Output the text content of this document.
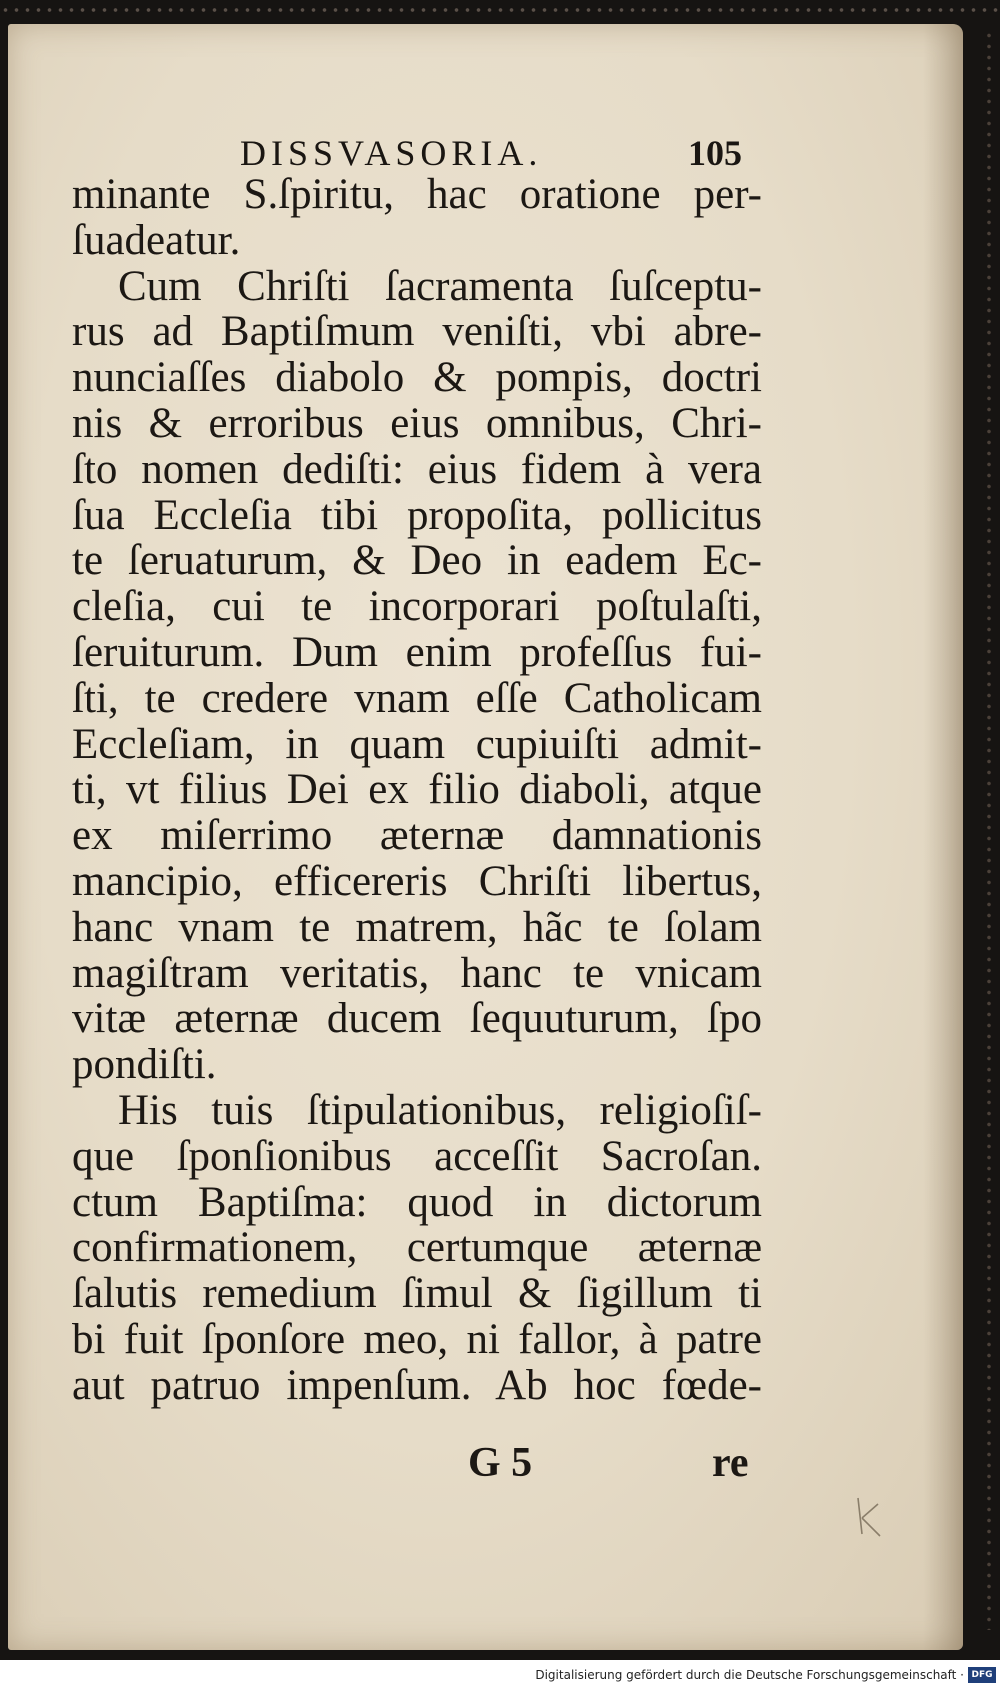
DISSVASORIA.	105
minante S.ſpiritu, hac oratione per-
ſuadeatur.
Cum Chriſti ſacramenta ſuſceptu-
rus ad Baptiſmum veniſti, vbi abre-
nunciaſſes diabolo & pompis, doctri
nis & erroribus eius omnibus, Chri-
ſto nomen dediſti: eius fidem à vera
ſua Eccleſia tibi propoſita, pollicitus
te ſeruaturum, & Deo in eadem Ec-
cleſia, cui te incorporari poſtulaſti,
ſeruiturum. Dum enim profeſſus fui-
ſti, te credere vnam eſſe Catholicam
Eccleſiam, in quam cupiuiſti admit-
ti, vt filius Dei ex filio diaboli, atque
ex miſerrimo æternæ damnationis
mancipio, efficereris Chriſti libertus,
hanc vnam te matrem, hãc te ſolam
magiſtram veritatis, hanc te vnicam
vitæ æternæ ducem ſequuturum, ſpo
pondiſti.
His tuis ſtipulationibus, religioſiſ-
que ſponſionibus acceſſit Sacroſan.
ctum Baptiſma: quod in dictorum
confirmationem, certumque æternæ
ſalutis remedium ſimul & ſigillum ti
bi fuit ſponſore meo, ni fallor, à patre
aut patruo impenſum. Ab hoc fœde-
G 5	re
Digitalisierung gefördert durch die Deutsche Forschungsgemeinschaft · DFG
